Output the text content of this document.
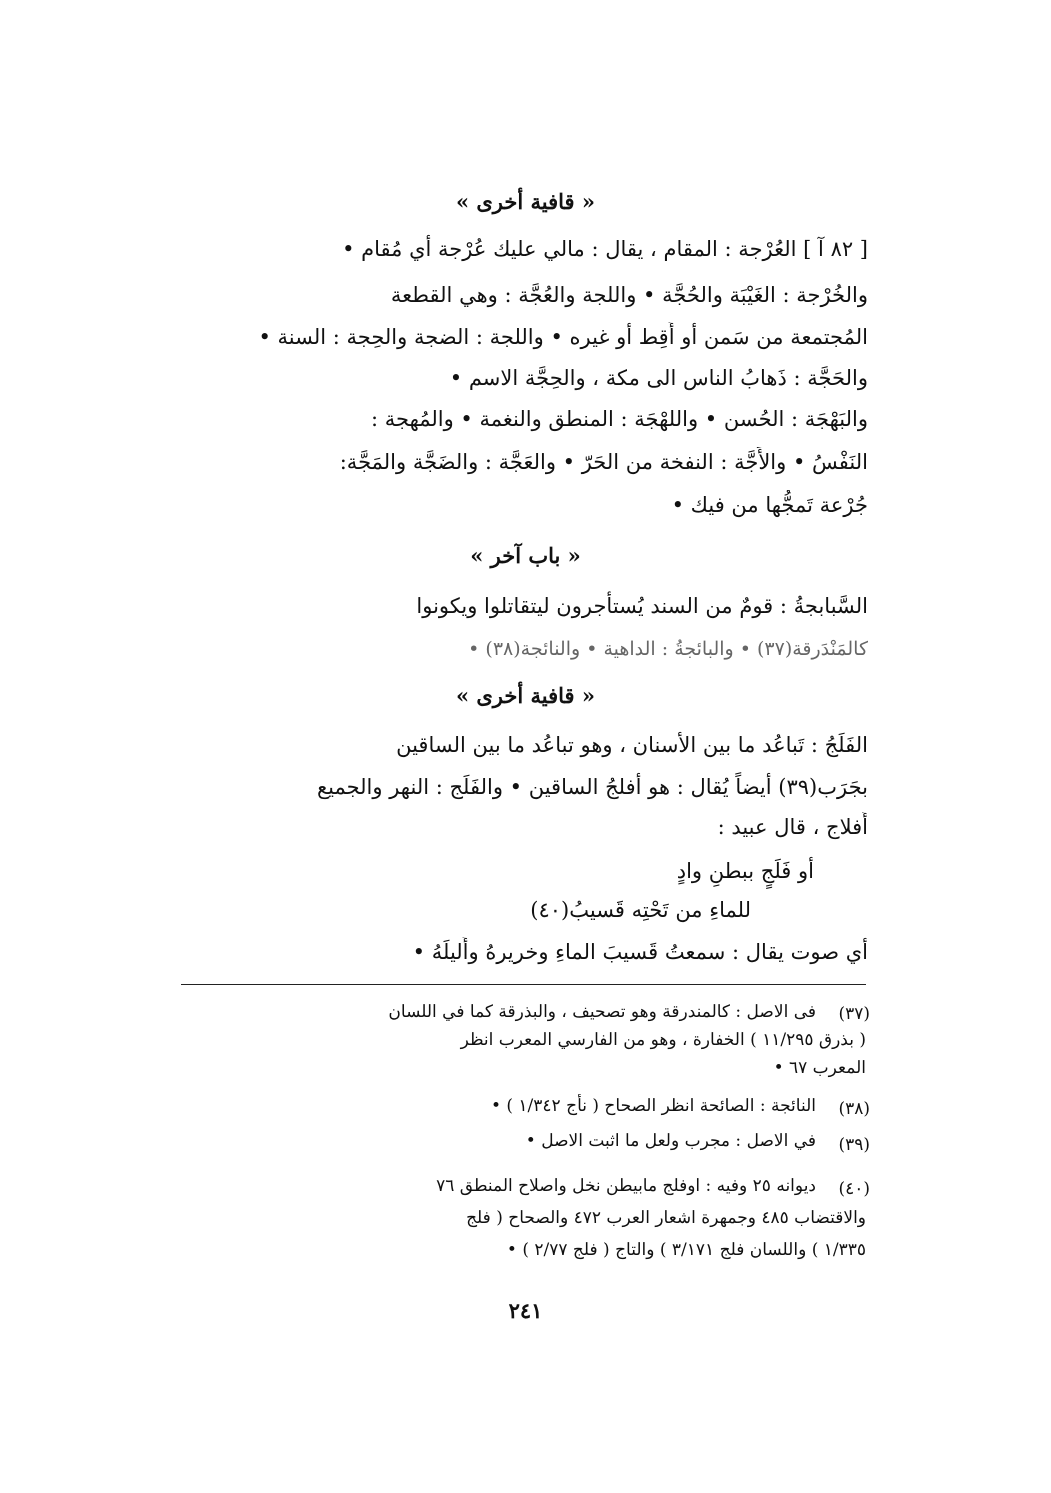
« قافية أخرى »
[ ٨٢ آ ] العُرْجة : المقام ، يقال : مالي عليك عُرْجة أي مُقام •
والخُرْجة : الغَيْبَة والحُجَّة • واللجة والعُجَّة : وهي القطعة
المُجتمعة من سَمن أو أَقِط أو غيره • واللجة : الضجة والحِجة : السنة •
والحَجَّة : ذَهابُ الناس الى مكة ، والحِجَّة الاسم •
والبَهْجَة : الحُسن • واللهْجَة : المنطق والنغمة • والمُهجة :
النَفْسُ • والأَجَّة : النفخة من الحَرّ • والعَجَّة : والضَجَّة والمَجَّة:
جُرْعة تَمجُّها من فيك •
« باب آخر »
السَّبابجةُ : قومٌ من السند يُستأجرون ليتقاتلوا ويكونوا
كالمَنْدَرقة(٣٧) • والبائجةُ : الداهية • والنائجة(٣٨) •
« قافية أخرى »
الفَلَجُ : تَباعُد ما بين الأسنان ، وهو تباعُد ما بين الساقين
بجَرَب(٣٩) أيضاً يُقال : هو أفلجُ الساقين • والفَلَج : النهر والجميع
أَفلاج ، قال عبيد :
أو فَلَجٍ ببطنِ وادٍ
للماءِ من تَحْتِه قَسيبُ(٤٠)
أي صوت يقال : سمعتُ قَسيبَ الماءِ وخريرهُ وأَليلَهُ •
(٣٧)
فى الاصل : كالمندرقة وهو تصحيف ، والبذرقة كما في اللسان
( بذرق ١١/٢٩٥ ) الخفارة ، وهو من الفارسي المعرب انظر
المعرب ٦٧ •
(٣٨)
النائجة : الصائحة انظر الصحاح ( نأج ١/٣٤٢ ) •
(٣٩)
في الاصل : مجرب ولعل ما اثبت الاصل •
(٤٠)
ديوانه ٢٥ وفيه : اوفلج مابيطن نخل واصلاح المنطق ٧٦
والاقتضاب ٤٨٥ وجمهرة اشعار العرب ٤٧٢ والصحاح ( فلج
١/٣٣٥ ) واللسان فلج ٣/١٧١ ) والتاج ( فلج ٢/٧٧ ) •
٢٤١
